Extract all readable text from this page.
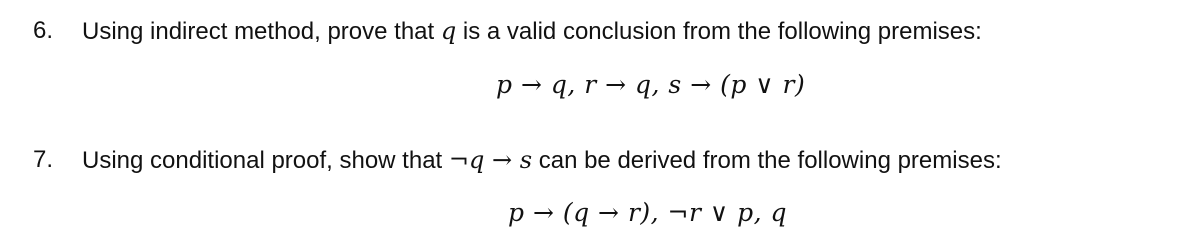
6. Using indirect method, prove that q is a valid conclusion from the following premises:
p → q, r → q, s → (p ∨ r)
7. Using conditional proof, show that ¬q → s can be derived from the following premises:
p → (q → r), ¬r ∨ p, q
